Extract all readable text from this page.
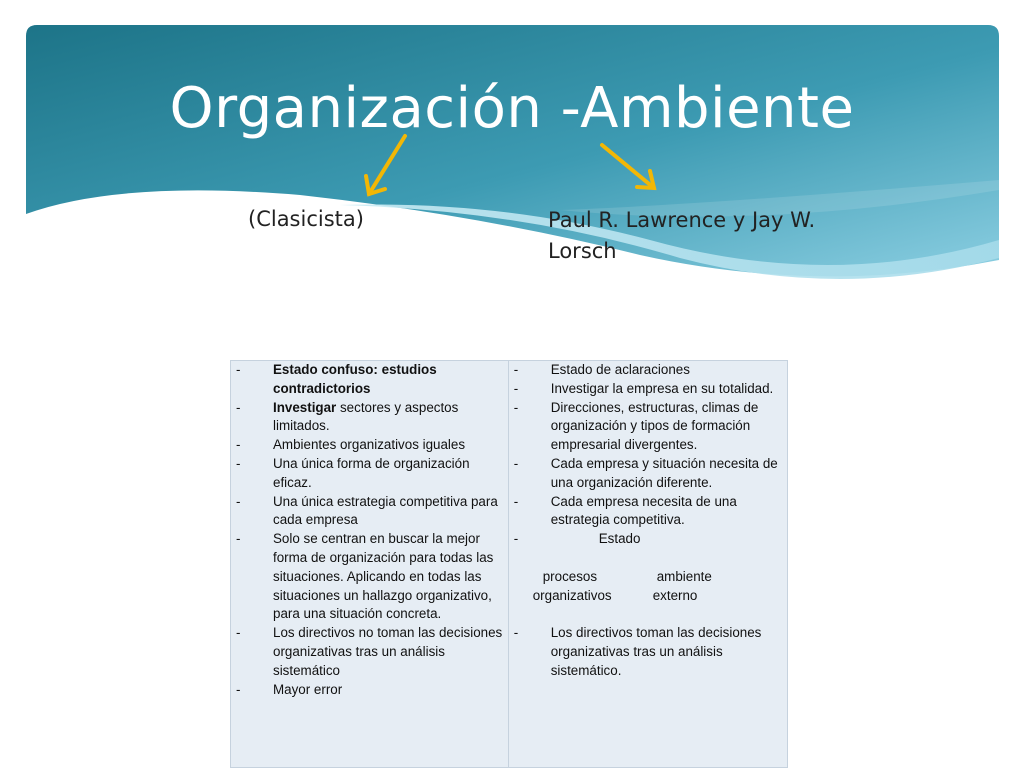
Organización -Ambiente
(Clasicista)	Paul R. Lawrence y Jay W. Lorsch
- Estado confuso: estudios contradictorios
- Investigar sectores y aspectos limitados.
- Ambientes organizativos iguales
- Una única forma de organización eficaz.
- Una única estrategia competitiva para cada empresa
- Solo se centran en buscar la mejor forma de organización para todas las situaciones. Aplicando en todas las situaciones un hallazgo organizativo, para una situación concreta.
- Los directivos no toman las decisiones organizativas tras un análisis sistemático
- Mayor error

- Estado de aclaraciones
- Investigar la empresa en su totalidad.
- Direcciones, estructuras, climas de organización y tipos de formación empresarial divergentes.
- Cada empresa y situación necesita de una organización diferente.
- Cada empresa necesita de una estrategia competitiva.
- Estado
procesos	ambiente
organizativos	externo
- Los directivos toman las decisiones organizativas tras un análisis sistemático.
